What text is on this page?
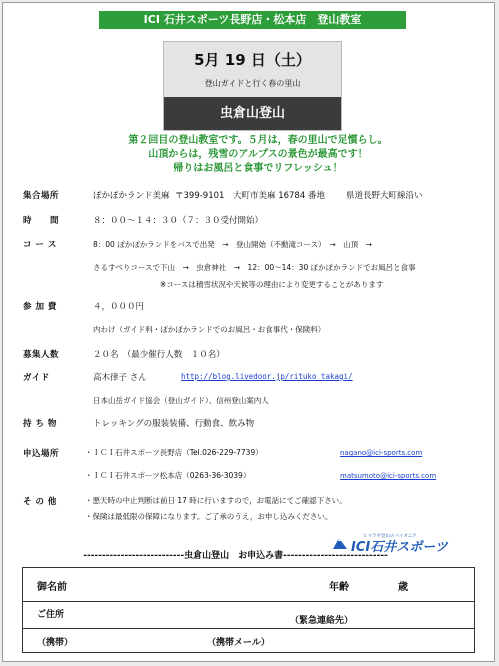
ICI 石井スポーツ長野店・松本店　登山教室
5月 19 日（土）
登山ガイドと行く春の里山
虫倉山登山
第２回目の登山教室です。５月は，春の里山で足慣らし。
山頂からは，残雪のアルプスの景色が最高です！
帰りはお風呂と食事でリフレッシュ！
集合場所	ぽかぽかランド美麻 〒399-9101 大町市美麻 16784 番地 県道長野大町線沿い
時　　間	８：００～１４：３０（７：３０受付開始）
コ ー ス	8：00 ぽかぽかランドをバスで出発　→　登山開始（不動滝コース）　→　山頂　→
さるすべりコースで下山　→　虫倉神社　→　12：00～14：30 ぽかぽかランドでお風呂と食事
※コースは積雪状況や天候等の理由により変更することがあります
参 加 費	４，０００円
内わけ（ガイド料・ぽかぽかランドでのお風呂・お食事代・保険料）
募集人数	２０名　（最少催行人数　１０名）
ガイド	高木律子 さん	http://blog.livedoor.jp/rituko_takagi/
日本山岳ガイド協会（登山ガイド）、信州登山案内人
持 ち 物	トレッキングの服装装備、行動食、飲み物
申込場所	・ＩＣＩ石井スポーツ長野店（Tel.026-229-7739）	nagano@ici-sports.com
・ＩＣＩ石井スポーツ松本店（0263-36-3039）	matsumoto@ici-sports.com
そ の 他	・悪天時の中止判断は前日 17 時に行いますので，お電話にてご確認下さい。
・保険は最低限の保障になります。ご了承のうえ，お申し込みください。
ヒマラヤ登山のパイオニア
ICI石井スポーツ
---------------------------虫倉山登山　お申込み書----------------------------
御名前	年齢	歳
ご住所
（緊急連絡先）
（携帯）	（携帯メール）
